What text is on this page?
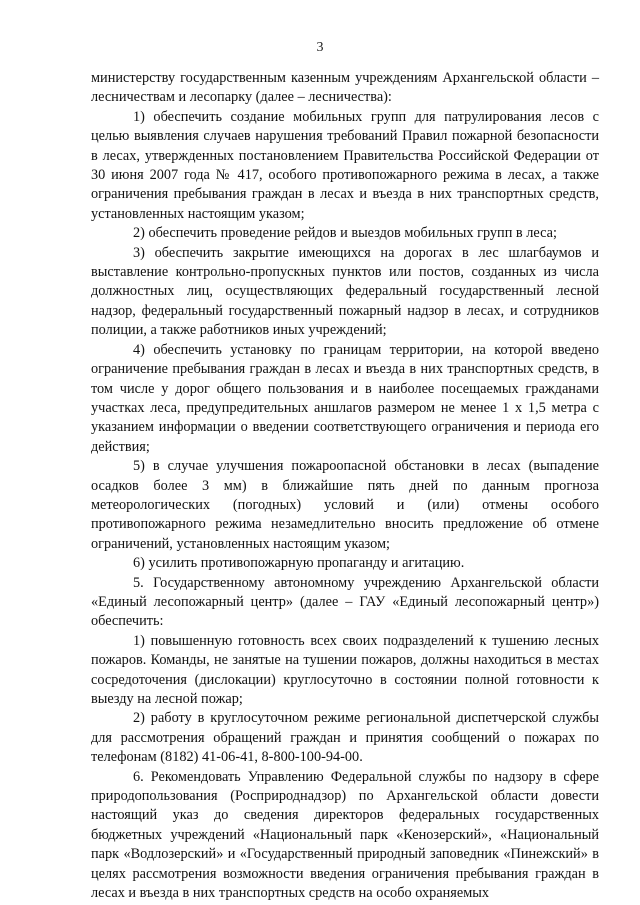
3

министерству государственным казенным учреждениям Архангельской области – лесничествам и лесопарку (далее – лесничества):

1) обеспечить создание мобильных групп для патрулирования лесов с целью выявления случаев нарушения требований Правил пожарной безопасности в лесах, утвержденных постановлением Правительства Российской Федерации от 30 июня 2007 года № 417, особого противопожарного режима в лесах, а также ограничения пребывания граждан в лесах и въезда в них транспортных средств, установленных настоящим указом;

2) обеспечить проведение рейдов и выездов мобильных групп в леса;

3) обеспечить закрытие имеющихся на дорогах в лес шлагбаумов и выставление контрольно-пропускных пунктов или постов, созданных из числа должностных лиц, осуществляющих федеральный государственный лесной надзор, федеральный государственный пожарный надзор в лесах, и сотрудников полиции, а также работников иных учреждений;

4) обеспечить установку по границам территории, на которой введено ограничение пребывания граждан в лесах и въезда в них транспортных средств, в том числе у дорог общего пользования и в наиболее посещаемых гражданами участках леса, предупредительных аншлагов размером не менее 1 х 1,5 метра с указанием информации о введении соответствующего ограничения и периода его действия;

5) в случае улучшения пожароопасной обстановки в лесах (выпадение осадков более 3 мм) в ближайшие пять дней по данным прогноза метеорологических (погодных) условий и (или) отмены особого противопожарного режима незамедлительно вносить предложение об отмене ограничений, установленных настоящим указом;

6) усилить противопожарную пропаганду и агитацию.

5. Государственному автономному учреждению Архангельской области «Единый лесопожарный центр» (далее – ГАУ «Единый лесопожарный центр») обеспечить:

1) повышенную готовность всех своих подразделений к тушению лесных пожаров. Команды, не занятые на тушении пожаров, должны находиться в местах сосредоточения (дислокации) круглосуточно в состоянии полной готовности к выезду на лесной пожар;

2) работу в круглосуточном режиме региональной диспетчерской службы для рассмотрения обращений граждан и принятия сообщений о пожарах по телефонам (8182) 41-06-41, 8-800-100-94-00.

6. Рекомендовать Управлению Федеральной службы по надзору в сфере природопользования (Росприроднадзор) по Архангельской области довести настоящий указ до сведения директоров федеральных государственных бюджетных учреждений «Национальный парк «Кенозерский», «Национальный парк «Водлозерский» и «Государственный природный заповедник «Пинежский» в целях рассмотрения возможности введения ограничения пребывания граждан в лесах и въезда в них транспортных средств на особо охраняемых
